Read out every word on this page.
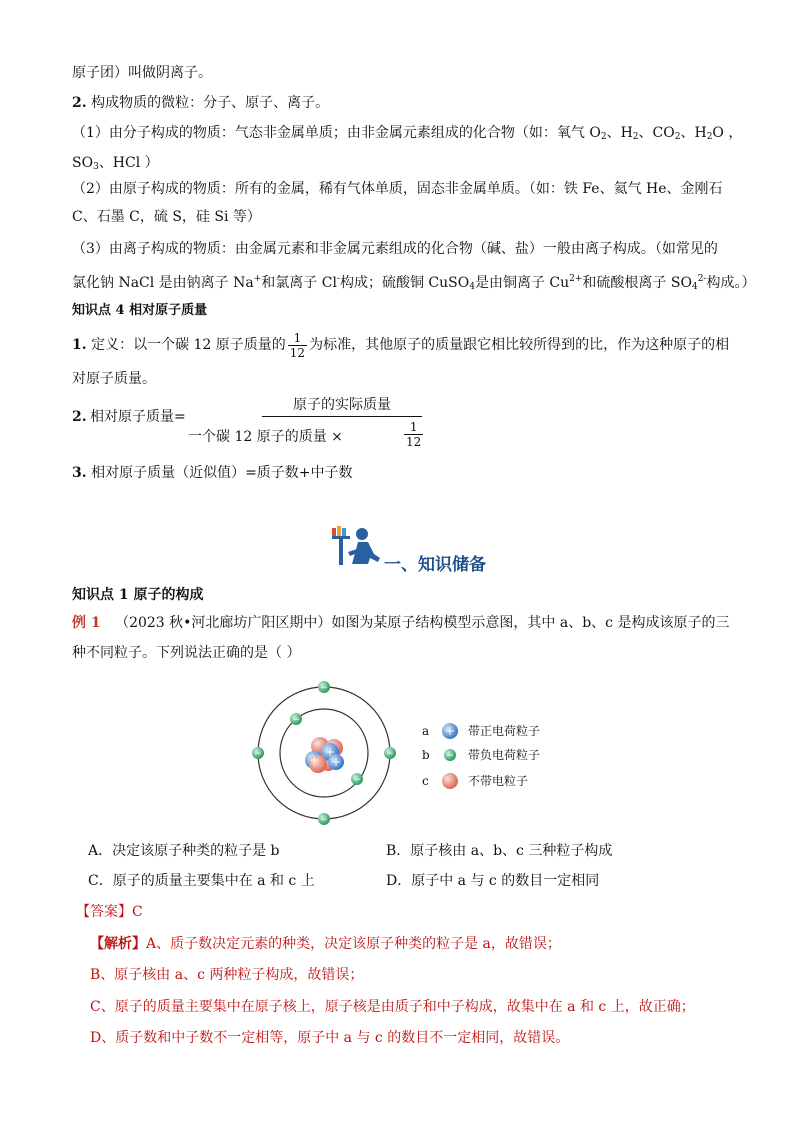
原子团）叫做阴离子。
2. 构成物质的微粒：分子、原子、离子。
（1）由分子构成的物质：气态非金属单质；由非金属元素组成的化合物（如：氧气 $O_2$、$H_2$、$CO_2$、$H_2O$ ，
$SO_3$、HCl ）
（2）由原子构成的物质：所有的金属，稀有气体单质，固态非金属单质。（如：铁 Fe、氦气 He、金刚石
C、石墨 C，硫 S，硅 Si 等）
（3）由离子构成的物质：由金属元素和非金属元素组成的化合物（碱、盐）一般由离子构成。（如常见的
氯化钠 NaCl 是由钠离子 Na+和氯离子 Cl-构成；硫酸铜 CuSO$_4$是由铜离子 $Cu^{2+}$和硫酸根离子 $SO_4^{2-}$构成。）
知识点 4 相对原子质量
1. 定义：以一个碳 12 原子质量的 $\frac{1}{12}$ 为标准，其他原子的质量跟它相比较所得到的比，作为这种原子的相
对原子质量。
2. 相对原子质量=
原子的实际质量
一个碳 12 原子的质量 ×	$\frac{1}{12}$
3. 相对原子质量（近似值）=质子数+中子数
一、知识储备
知识点 1 原子的构成
例 1 （2023 秋•河北廊坊广阳区期中）如图为某原子结构模型示意图，其中 a、b、c 是构成该原子的三
种不同粒子。下列说法正确的是（ ）
+
+ +
−
−
−	−
−
−
a + 带正电荷粒子
b − 带负电荷粒子
c	不带电粒子
A．决定该原子种类的粒子是 b	B．原子核由 a、b、c 三种粒子构成
C．原子的质量主要集中在 a 和 c 上	D．原子中 a 与 c 的数目一定相同
【答案】C
【解析】A、质子数决定元素的种类，决定该原子种类的粒子是 a，故错误；
B、原子核由 a、c 两种粒子构成，故错误；
C、原子的质量主要集中在原子核上，原子核是由质子和中子构成，故集中在 a 和 c 上，故正确；
D、质子数和中子数不一定相等，原子中 a 与 c 的数目不一定相同，故错误。
